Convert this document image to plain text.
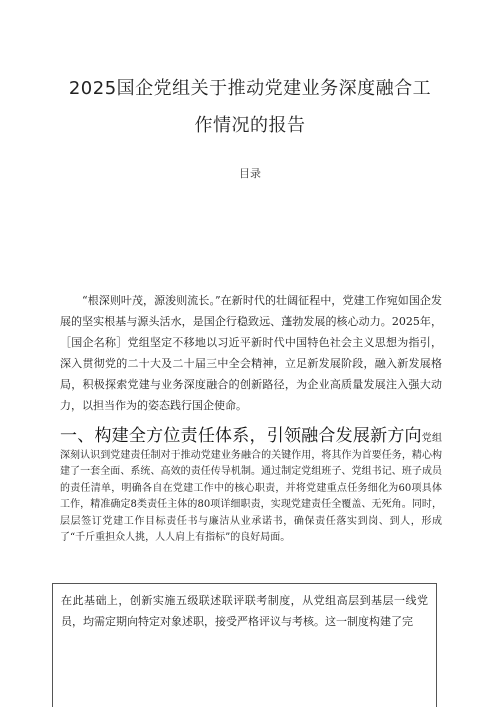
2025国企党组关于推动党建业务深度融合工作情况的报告
目录

“根深则叶茂，源浚则流长。”在新时代的壮阔征程中，党建工作宛如国企发展的坚实根基与源头活水，是国企行稳致远、蓬勃发展的核心动力。2025年，［国企名称］党组坚定不移地以习近平新时代中国特色社会主义思想为指引，深入贯彻党的二十大及二十届三中全会精神，立足新发展阶段，融入新发展格局，积极探索党建与业务深度融合的创新路径，为企业高质量发展注入强大动力，以担当作为的姿态践行国企使命。

一、构建全方位责任体系，引领融合发展新方向党组深刻认识到党建责任制对于推动党建业务融合的关键作用，将其作为首要任务，精心构建了一套全面、系统、高效的责任传导机制。通过制定党组班子、党组书记、班子成员的责任清单，明确各自在党建工作中的核心职责，并将党建重点任务细化为60项具体工作，精准确定8类责任主体的80项详细职责，实现党建责任全覆盖、无死角。同时，层层签订党建工作目标责任书与廉洁从业承诺书，确保责任落实到岗、到人，形成了“千斤重担众人挑，人人肩上有指标”的良好局面。

在此基础上，创新实施五级联述联评联考制度，从党组高层到基层一线党员，均需定期向特定对象述职，接受严格评议与考核。这一制度构建了完
